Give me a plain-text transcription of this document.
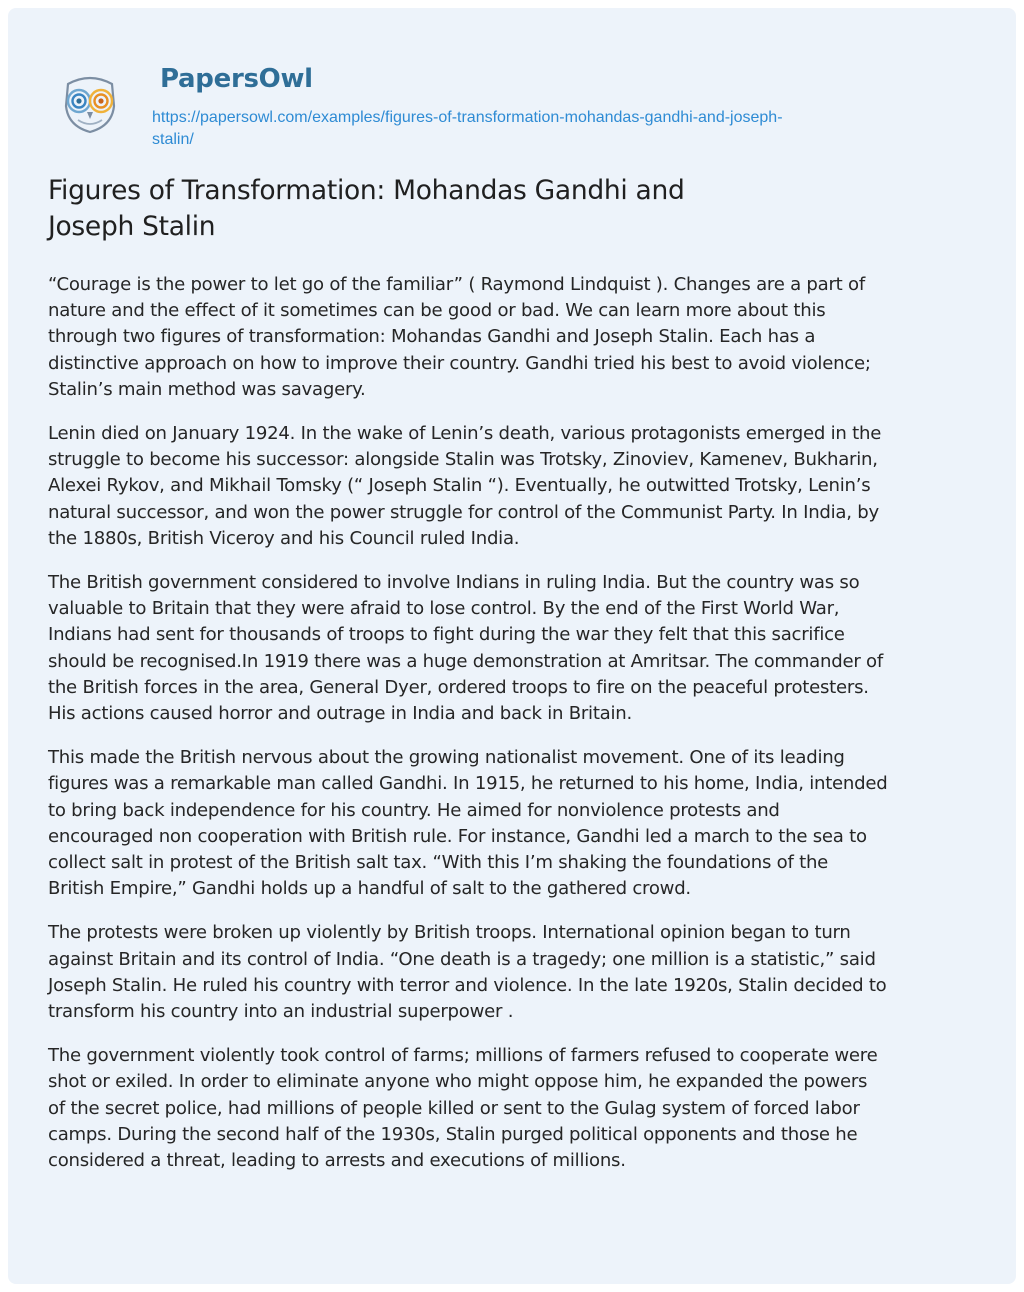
PapersOwl
https://papersowl.com/examples/figures-of-transformation-mohandas-gandhi-and-joseph-
stalin/
Figures of Transformation: Mohandas Gandhi and
Joseph Stalin

“Courage is the power to let go of the familiar” ( Raymond Lindquist ). Changes are a part of
nature and the effect of it sometimes can be good or bad. We can learn more about this
through two figures of transformation: Mohandas Gandhi and Joseph Stalin. Each has a
distinctive approach on how to improve their country. Gandhi tried his best to avoid violence;
Stalin’s main method was savagery.

Lenin died on January 1924. In the wake of Lenin’s death, various protagonists emerged in the
struggle to become his successor: alongside Stalin was Trotsky, Zinoviev, Kamenev, Bukharin,
Alexei Rykov, and Mikhail Tomsky (“ Joseph Stalin “). Eventually, he outwitted Trotsky, Lenin’s
natural successor, and won the power struggle for control of the Communist Party. In India, by
the 1880s, British Viceroy and his Council ruled India.

The British government considered to involve Indians in ruling India. But the country was so
valuable to Britain that they were afraid to lose control. By the end of the First World War,
Indians had sent for thousands of troops to fight during the war they felt that this sacrifice
should be recognised.In 1919 there was a huge demonstration at Amritsar. The commander of
the British forces in the area, General Dyer, ordered troops to fire on the peaceful protesters.
His actions caused horror and outrage in India and back in Britain.

This made the British nervous about the growing nationalist movement. One of its leading
figures was a remarkable man called Gandhi. In 1915, he returned to his home, India, intended
to bring back independence for his country. He aimed for nonviolence protests and
encouraged non cooperation with British rule. For instance, Gandhi led a march to the sea to
collect salt in protest of the British salt tax. “With this I’m shaking the foundations of the
British Empire,” Gandhi holds up a handful of salt to the gathered crowd.

The protests were broken up violently by British troops. International opinion began to turn
against Britain and its control of India. “One death is a tragedy; one million is a statistic,” said
Joseph Stalin. He ruled his country with terror and violence. In the late 1920s, Stalin decided to
transform his country into an industrial superpower .

The government violently took control of farms; millions of farmers refused to cooperate were
shot or exiled. In order to eliminate anyone who might oppose him, he expanded the powers
of the secret police, had millions of people killed or sent to the Gulag system of forced labor
camps. During the second half of the 1930s, Stalin purged political opponents and those he
considered a threat, leading to arrests and executions of millions.
